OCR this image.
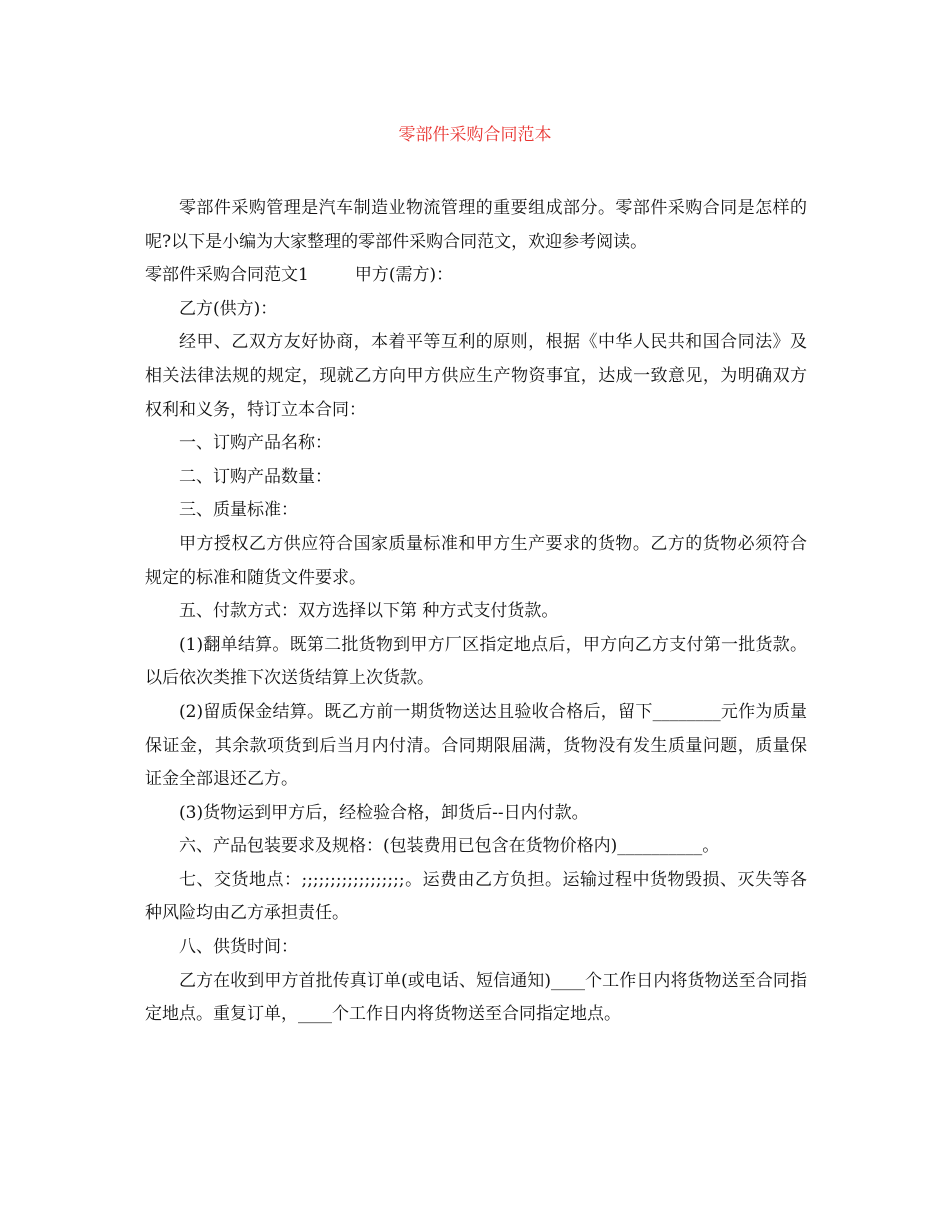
零部件采购合同范本

零部件采购管理是汽车制造业物流管理的重要组成部分。零部件采购合同是怎样的呢?以下是小编为大家整理的零部件采购合同范文，欢迎参考阅读。

零部件采购合同范文1	甲方(需方)：

乙方(供方)：

经甲、乙双方友好协商，本着平等互利的原则，根据《中华人民共和国合同法》及相关法律法规的规定，现就乙方向甲方供应生产物资事宜，达成一致意见，为明确双方权利和义务，特订立本合同：

一、订购产品名称：

二、订购产品数量：

三、质量标准：

甲方授权乙方供应符合国家质量标准和甲方生产要求的货物。乙方的货物必须符合规定的标准和随货文件要求。

五、付款方式：双方选择以下第 种方式支付货款。

(1)翻单结算。既第二批货物到甲方厂区指定地点后，甲方向乙方支付第一批货款。以后依次类推下次送货结算上次货款。

(2)留质保金结算。既乙方前一期货物送达且验收合格后，留下________元作为质量保证金，其余款项货到后当月内付清。合同期限届满，货物没有发生质量问题，质量保证金全部退还乙方。

(3)货物运到甲方后，经检验合格，卸货后--日内付款。

六、产品包装要求及规格：(包装费用已包含在货物价格内)__________。

七、交货地点：;;;;;;;;;;;;;;;;;;。运费由乙方负担。运输过程中货物毁损、灭失等各种风险均由乙方承担责任。

八、供货时间：

乙方在收到甲方首批传真订单(或电话、短信通知)____个工作日内将货物送至合同指定地点。重复订单，____个工作日内将货物送至合同指定地点。
